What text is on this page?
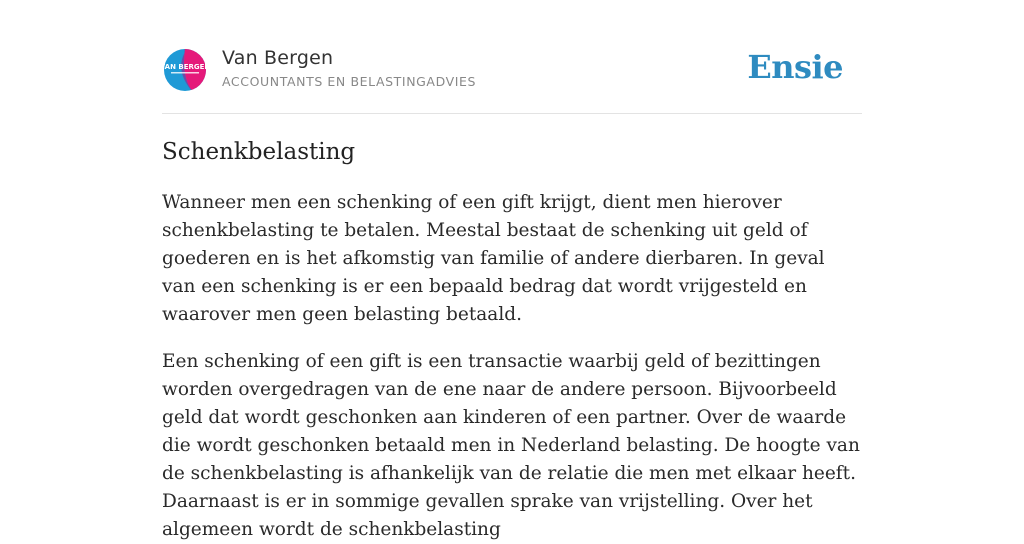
VAN BERGEN Van Bergen
ACCOUNTANTS EN BELASTINGADVIES	Ensie
Schenkbelasting

Wanneer men een schenking of een gift krijgt, dient men hierover schenkbelasting te betalen. Meestal bestaat de schenking uit geld of goederen en is het afkomstig van familie of andere dierbaren. In geval van een schenking is er een bepaald bedrag dat wordt vrijgesteld en waarover men geen belasting betaald.

Een schenking of een gift is een transactie waarbij geld of bezittingen worden overgedragen van de ene naar de andere persoon. Bijvoorbeeld geld dat wordt geschonken aan kinderen of een partner. Over de waarde die wordt geschonken betaald men in Nederland belasting. De hoogte van de schenkbelasting is afhankelijk van de relatie die men met elkaar heeft. Daarnaast is er in sommige gevallen sprake van vrijstelling. Over het algemeen wordt de schenkbelasting
